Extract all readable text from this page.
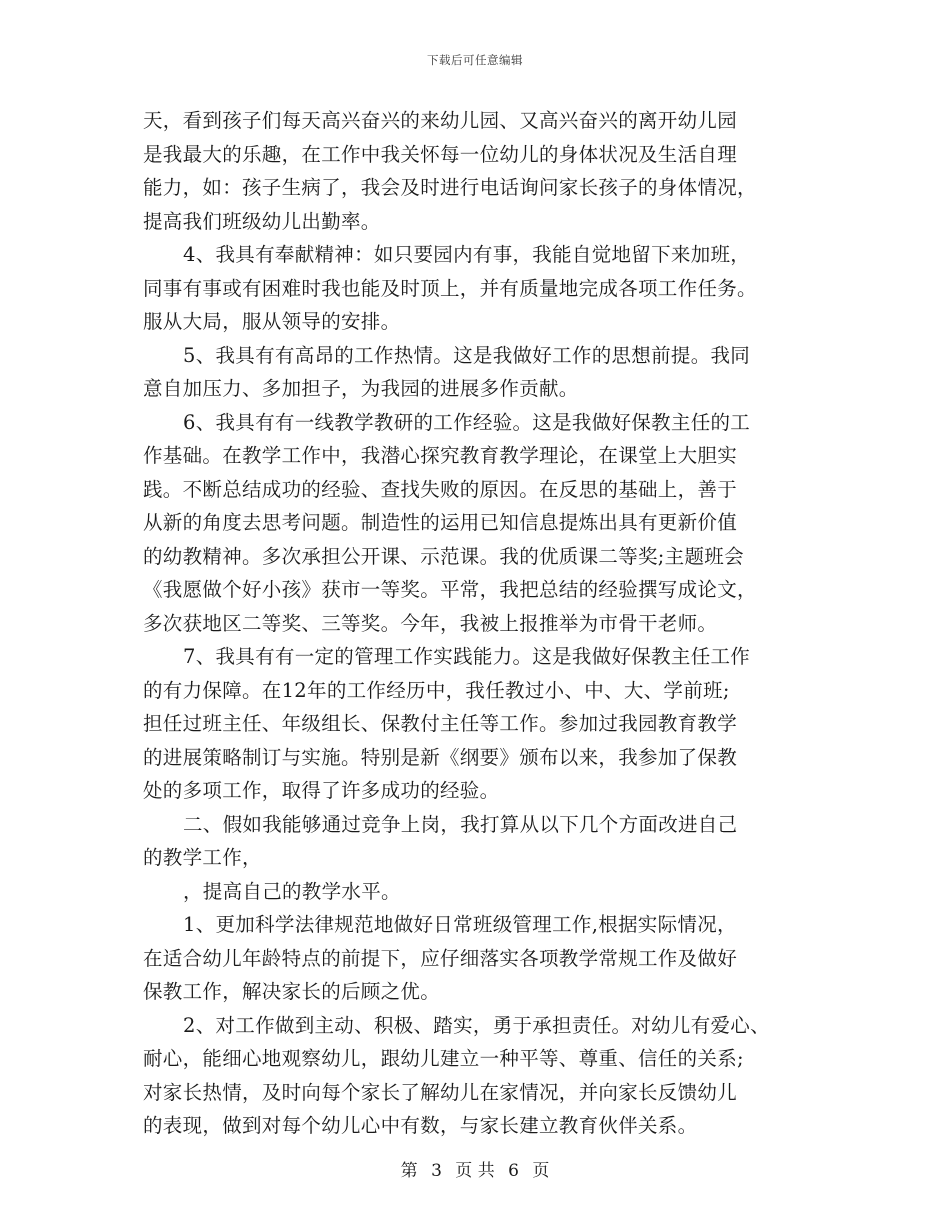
下载后可任意编辑
天，看到孩子们每天高兴奋兴的来幼儿园、又高兴奋兴的离开幼儿园
是我最大的乐趣，在工作中我关怀每一位幼儿的身体状况及生活自理
能力，如：孩子生病了，我会及时进行电话询问家长孩子的身体情况，
提高我们班级幼儿出勤率。
4、我具有奉献精神：如只要园内有事，我能自觉地留下来加班，
同事有事或有困难时我也能及时顶上，并有质量地完成各项工作任务。
服从大局，服从领导的安排。
5、我具有有高昂的工作热情。这是我做好工作的思想前提。我同
意自加压力、多加担子，为我园的进展多作贡献。
6、我具有有一线教学教研的工作经验。这是我做好保教主任的工
作基础。在教学工作中，我潜心探究教育教学理论，在课堂上大胆实
践。不断总结成功的经验、查找失败的原因。在反思的基础上，善于
从新的角度去思考问题。制造性的运用已知信息提炼出具有更新价值
的幼教精神。多次承担公开课、示范课。我的优质课二等奖;主题班会
《我愿做个好小孩》获市一等奖。平常，我把总结的经验撰写成论文，
多次获地区二等奖、三等奖。今年，我被上报推举为市骨干老师。
7、我具有有一定的管理工作实践能力。这是我做好保教主任工作
的有力保障。在12年的工作经历中，我任教过小、中、大、学前班;
担任过班主任、年级组长、保教付主任等工作。参加过我园教育教学
的进展策略制订与实施。特别是新《纲要》颁布以来，我参加了保教
处的多项工作，取得了许多成功的经验。
二、假如我能够通过竞争上岗，我打算从以下几个方面改进自己
的教学工作，
，提高自己的教学水平。
1、更加科学法律规范地做好日常班级管理工作,根据实际情况，
在适合幼儿年龄特点的前提下，应仔细落实各项教学常规工作及做好
保教工作，解决家长的后顾之优。
2、对工作做到主动、积极、踏实，勇于承担责任。对幼儿有爱心、
耐心，能细心地观察幼儿，跟幼儿建立一种平等、尊重、信任的关系;
对家长热情，及时向每个家长了解幼儿在家情况，并向家长反馈幼儿
的表现，做到对每个幼儿心中有数，与家长建立教育伙伴关系。
第 3 页 共 6 页
